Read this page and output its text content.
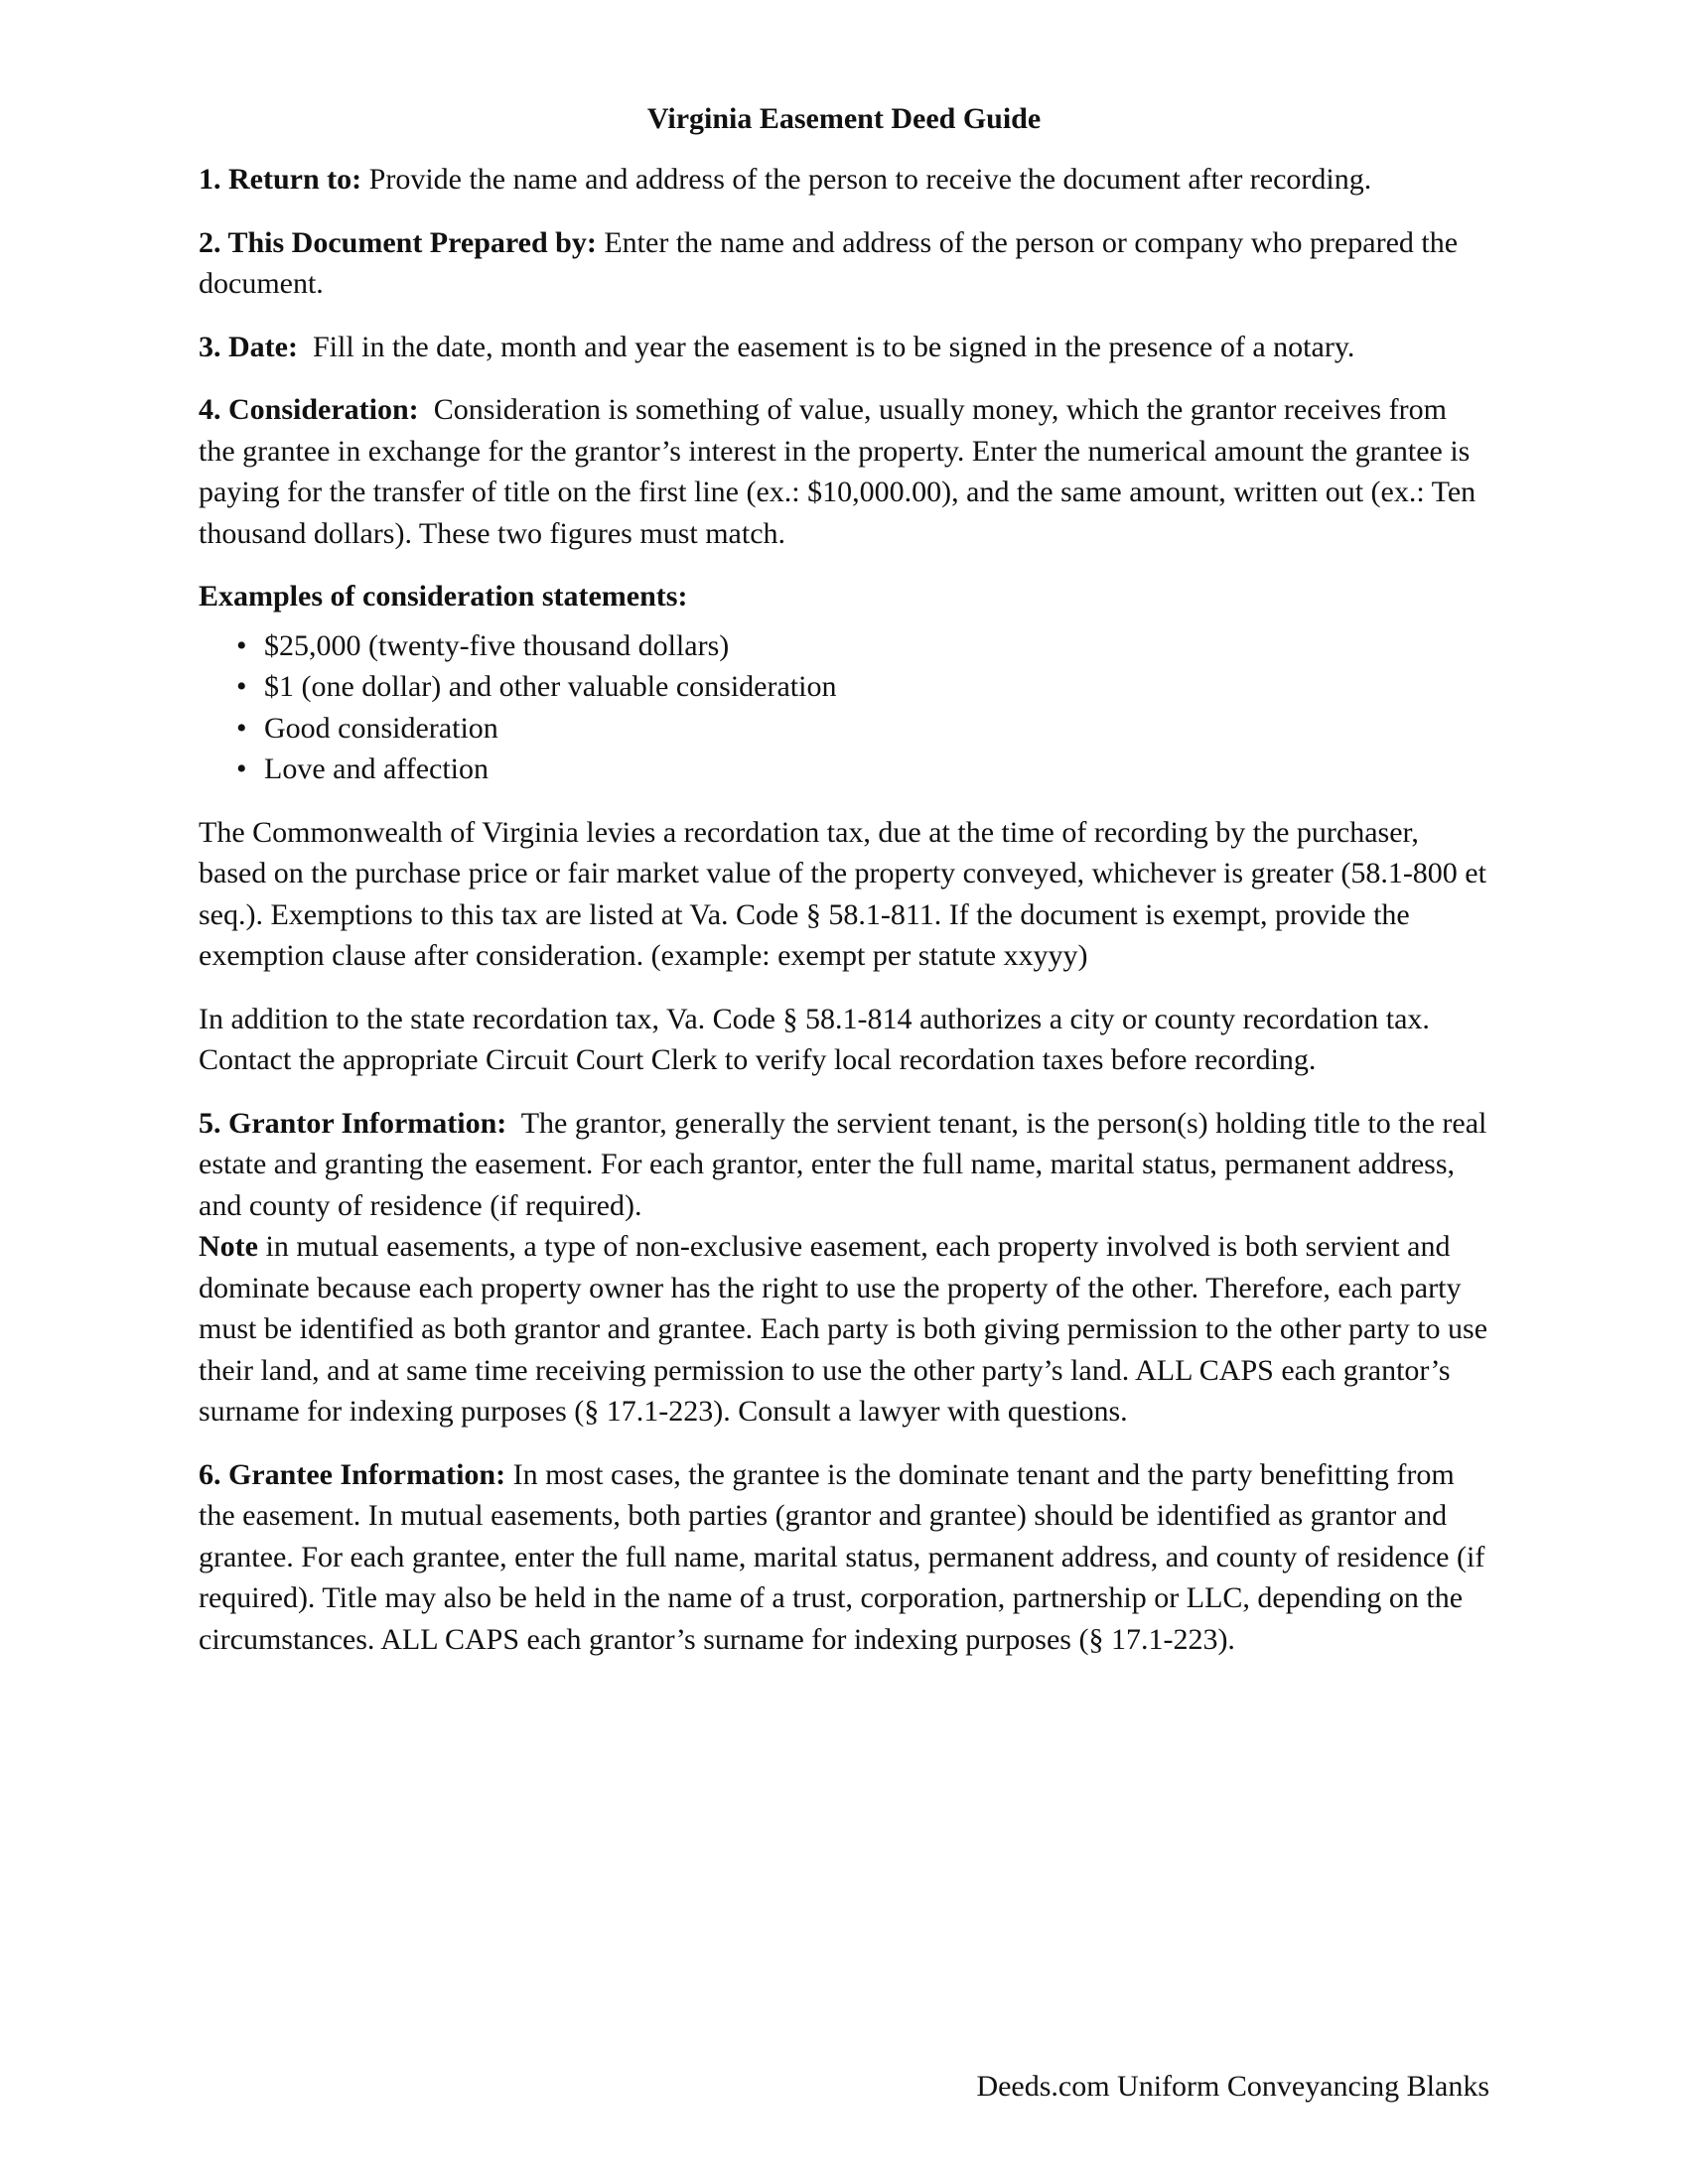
Virginia Easement Deed Guide

1. Return to: Provide the name and address of the person to receive the document after recording.

2. This Document Prepared by: Enter the name and address of the person or company who prepared the document.

3. Date:  Fill in the date, month and year the easement is to be signed in the presence of a notary.

4. Consideration:  Consideration is something of value, usually money, which the grantor receives from the grantee in exchange for the grantor’s interest in the property. Enter the numerical amount the grantee is paying for the transfer of title on the first line (ex.: $10,000.00), and the same amount, written out (ex.: Ten thousand dollars). These two figures must match.

Examples of consideration statements:

• $25,000 (twenty-five thousand dollars)
• $1 (one dollar) and other valuable consideration
• Good consideration
• Love and affection

The Commonwealth of Virginia levies a recordation tax, due at the time of recording by the purchaser, based on the purchase price or fair market value of the property conveyed, whichever is greater (58.1-800 et seq.). Exemptions to this tax are listed at Va. Code § 58.1-811. If the document is exempt, provide the exemption clause after consideration. (example: exempt per statute xxyyy)

In addition to the state recordation tax, Va. Code § 58.1-814 authorizes a city or county recordation tax. Contact the appropriate Circuit Court Clerk to verify local recordation taxes before recording.

5. Grantor Information:  The grantor, generally the servient tenant, is the person(s) holding title to the real estate and granting the easement. For each grantor, enter the full name, marital status, permanent address, and county of residence (if required).

Note in mutual easements, a type of non-exclusive easement, each property involved is both servient and dominate because each property owner has the right to use the property of the other. Therefore, each party must be identified as both grantor and grantee. Each party is both giving permission to the other party to use their land, and at same time receiving permission to use the other party’s land. ALL CAPS each grantor’s surname for indexing purposes (§ 17.1-223). Consult a lawyer with questions.

6. Grantee Information: In most cases, the grantee is the dominate tenant and the party benefitting from the easement. In mutual easements, both parties (grantor and grantee) should be identified as grantor and grantee. For each grantee, enter the full name, marital status, permanent address, and county of residence (if required). Title may also be held in the name of a trust, corporation, partnership or LLC, depending on the circumstances. ALL CAPS each grantor’s surname for indexing purposes (§ 17.1-223).

Deeds.com Uniform Conveyancing Blanks
